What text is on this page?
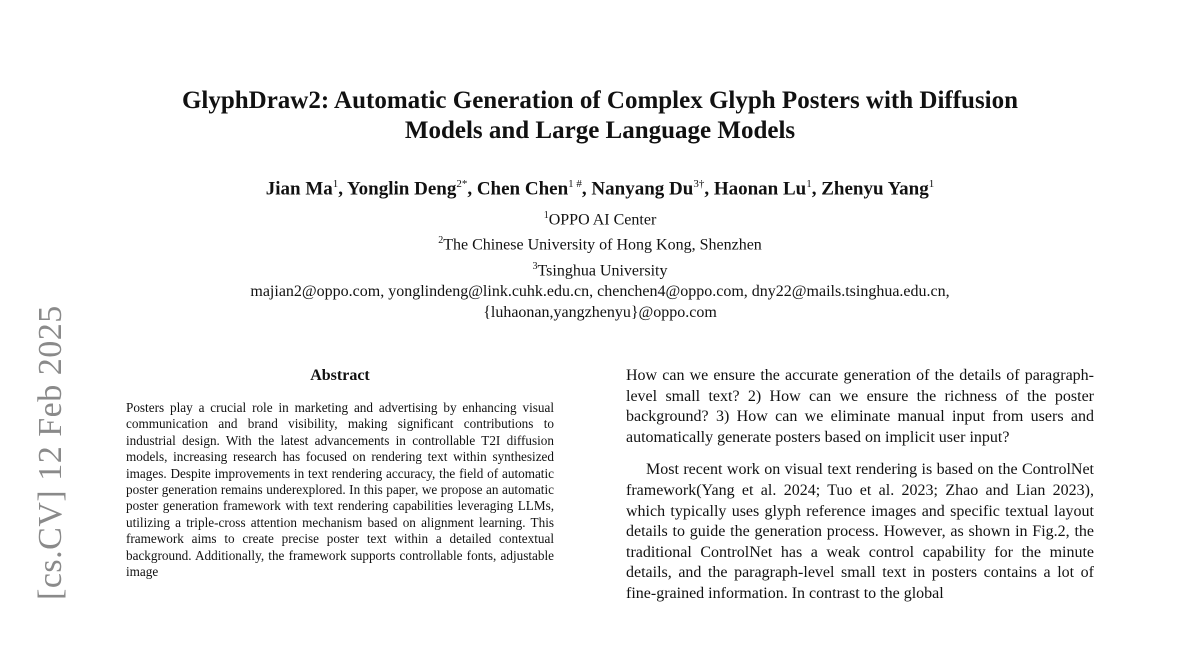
[cs.CV] 12 Feb 2025
GlyphDraw2: Automatic Generation of Complex Glyph Posters with Diffusion
Models and Large Language Models
Jian Ma$^1$, Yonglin Deng$^{2*}$, Chen Chen$^{1 \#}$, Nanyang $Du^{3\dagger}$, Haonan Lu$^1$, Zhenyu Yang$^1$
$^1$OPPO AI Center
$^2$The Chinese University of Hong Kong, Shenzhen
$^3$Tsinghua University
majian2@oppo.com, yonglindeng@link.cuhk.edu.cn, chenchen4@oppo.com, dny22@mails.tsinghua.edu.cn,
{luhaonan,yangzhenyu}@oppo.com
Abstract

Posters play a crucial role in marketing and advertising by enhancing visual communication and brand visibility, making significant contributions to industrial design. With the latest advancements in controllable T2I diffusion models, increasing research has focused on rendering text within synthesized images. Despite improvements in text rendering accuracy, the field of automatic poster generation remains underexplored. In this paper, we propose an automatic poster generation framework with text rendering capabilities leveraging LLMs, utilizing a triple-cross attention mechanism based on alignment learning. This framework aims to create precise poster text within a detailed contextual background. Additionally, the framework supports controllable fonts, adjustable image

How can we ensure the accurate generation of the details of paragraph-level small text? 2) How can we ensure the richness of the poster background? 3) How can we eliminate manual input from users and automatically generate posters based on implicit user input?

Most recent work on visual text rendering is based on the ControlNet framework(Yang et al. 2024; Tuo et al. 2023; Zhao and Lian 2023), which typically uses glyph reference images and specific textual layout details to guide the generation process. However, as shown in Fig.2, the traditional ControlNet has a weak control capability for the minute details, and the paragraph-level small text in posters contains a lot of fine-grained information. In contrast to the global
